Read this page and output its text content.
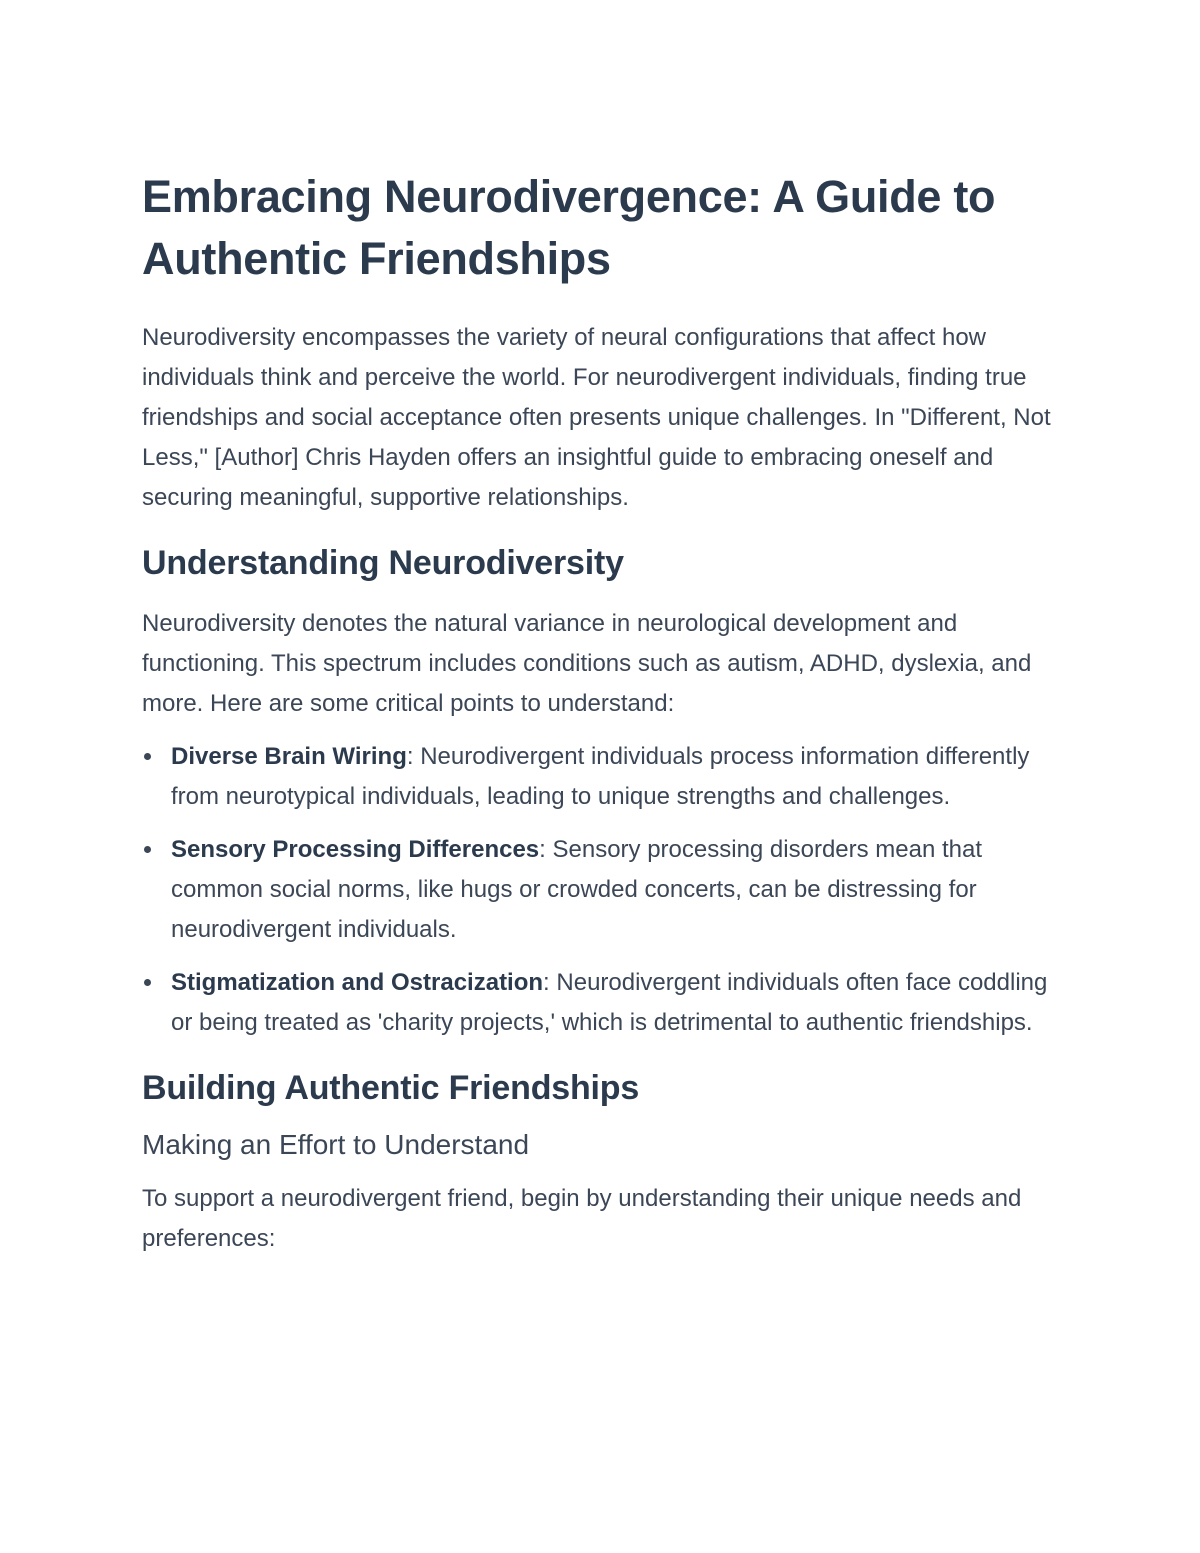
Embracing Neurodivergence: A Guide to Authentic Friendships

Neurodiversity encompasses the variety of neural configurations that affect how individuals think and perceive the world. For neurodivergent individuals, finding true friendships and social acceptance often presents unique challenges. In "Different, Not Less," [Author] Chris Hayden offers an insightful guide to embracing oneself and securing meaningful, supportive relationships.

Understanding Neurodiversity

Neurodiversity denotes the natural variance in neurological development and functioning. This spectrum includes conditions such as autism, ADHD, dyslexia, and more. Here are some critical points to understand:

Diverse Brain Wiring: Neurodivergent individuals process information differently from neurotypical individuals, leading to unique strengths and challenges.
Sensory Processing Differences: Sensory processing disorders mean that common social norms, like hugs or crowded concerts, can be distressing for neurodivergent individuals.
Stigmatization and Ostracization: Neurodivergent individuals often face coddling or being treated as 'charity projects,' which is detrimental to authentic friendships.
Building Authentic Friendships
Making an Effort to Understand

To support a neurodivergent friend, begin by understanding their unique needs and preferences:
